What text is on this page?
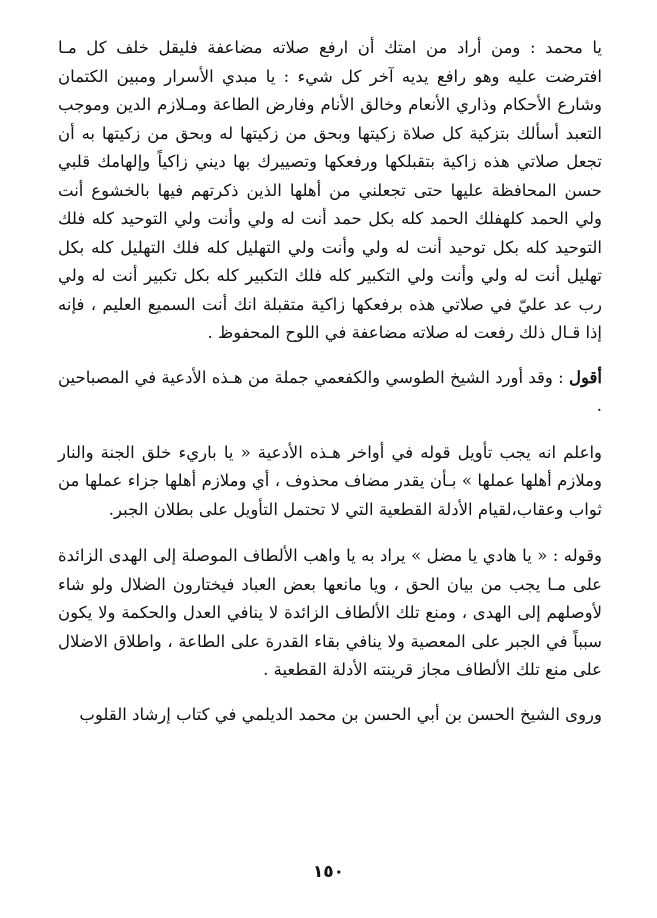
يا محمد : ومن أراد من امتك أن ارفع صلاته مضاعفة فليقل خلف كل مـا افترضت عليه وهو رافع يديه آخر كل شيء : يا مبدي الأسرار ومبين الكتمان وشارع الأحكام وذاري الأنعام وخالق الأنام وفارض الطاعة ومـلازم الدين وموجب التعبد أسألك بتزكية كل صلاة زكيتها وبحق من زكيتها له وبحق من زكيتها به أن تجعل صلاتي هذه زاكية بتقبلكها ورفعكها وتصييرك بها ديني زاكياً وإلهامك قلبي حسن المحافظة عليها حتى تجعلني من أهلها الذين ذكرتهم فيها بالخشوع أنت ولي الحمد كلهفلك الحمد كله بكل حمد أنت له ولي وأنت ولي التوحيد كله فلك التوحيد كله بكل توحيد أنت له ولي وأنت ولي التهليل كله فلك التهليل كله بكل تهليل أنت له ولي وأنت ولي التكبير كله فلك التكبير كله بكل تكبير أنت له ولي رب عد عليّ في صلاتي هذه برفعكها زاكية متقبلة انك أنت السميع العليم ، فإنه إذا قـال ذلك رفعت له صلاته مضاعفة في اللوح المحفوظ .

أقول : وقد أورد الشيخ الطوسي والكفعمي جملة من هـذه الأدعية في المصباحين .

واعلم انه يجب تأويل قوله في أواخر هـذه الأدعية « يا باريء خلق الجنة والنار وملازم أهلها عملها » بـأن يقدر مضاف محذوف ، أي وملازم أهلها جزاء عملها من ثواب وعقاب،لقيام الأدلة القطعية التي لا تحتمل التأويل على بطلان الجبر.

وقوله : « يا هادي يا مضل » يراد به يا واهب الألطاف الموصلة إلى الهدى الزائدة على مـا يجب من بيان الحق ، ويا مانعها بعض العباد فيختارون الضلال ولو شاء لأوصلهم إلى الهدى ، ومنع تلك الألطاف الزائدة لا ينافي العدل والحكمة ولا يكون سبباً في الجبر على المعصية ولا ينافي بقاء القدرة على الطاعة ، واطلاق الاضلال على منع تلك الألطاف مجاز قرينته الأدلة القطعية .

وروى الشيخ الحسن بن أبي الحسن بن محمد الديلمي في كتاب إرشاد القلوب

١٥٠
